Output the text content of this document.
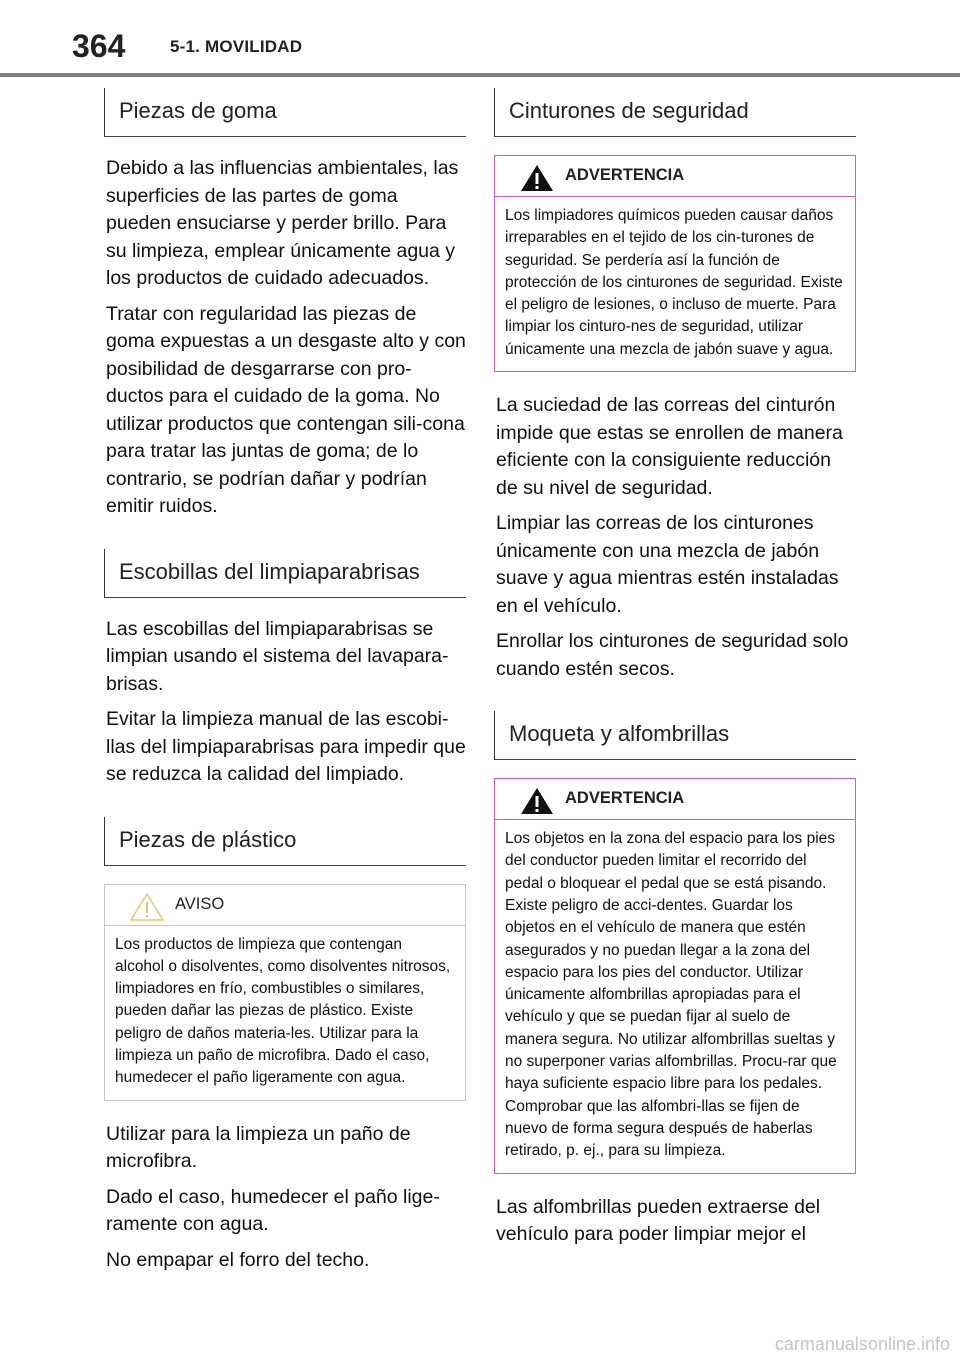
364	5-1. MOVILIDAD
Piezas de goma

Debido a las influencias ambientales, las superficies de las partes de goma pueden ensuciarse y perder brillo. Para su limpieza, emplear únicamente agua y los productos de cuidado adecuados.

Tratar con regularidad las piezas de goma expuestas a un desgaste alto y con posibilidad de desgarrarse con pro-ductos para el cuidado de la goma. No utilizar productos que contengan sili-cona para tratar las juntas de goma; de lo contrario, se podrían dañar y podrían emitir ruidos.

Escobillas del limpiaparabrisas

Las escobillas del limpiaparabrisas se limpian usando el sistema del lavapara-brisas.

Evitar la limpieza manual de las escobi-llas del limpiaparabrisas para impedir que se reduzca la calidad del limpiado.

Piezas de plástico
AVISO
Los productos de limpieza que contengan alcohol o disolventes, como disolventes nitrosos, limpiadores en frío, combustibles o similares, pueden dañar las piezas de plástico. Existe peligro de daños materia-les. Utilizar para la limpieza un paño de microfibra. Dado el caso, humedecer el paño ligeramente con agua.

Utilizar para la limpieza un paño de microfibra.

Dado el caso, humedecer el paño lige-ramente con agua.

No empapar el forro del techo.

Cinturones de seguridad
ADVERTENCIA
Los limpiadores químicos pueden causar daños irreparables en el tejido de los cin-turones de seguridad. Se perdería así la función de protección de los cinturones de seguridad. Existe el peligro de lesiones, o incluso de muerte. Para limpiar los cinturo-nes de seguridad, utilizar únicamente una mezcla de jabón suave y agua.

La suciedad de las correas del cinturón impide que estas se enrollen de manera eficiente con la consiguiente reducción de su nivel de seguridad.

Limpiar las correas de los cinturones únicamente con una mezcla de jabón suave y agua mientras estén instaladas en el vehículo.

Enrollar los cinturones de seguridad solo cuando estén secos.

Moqueta y alfombrillas
ADVERTENCIA
Los objetos en la zona del espacio para los pies del conductor pueden limitar el recorrido del pedal o bloquear el pedal que se está pisando. Existe peligro de acci-dentes. Guardar los objetos en el vehículo de manera que estén asegurados y no puedan llegar a la zona del espacio para los pies del conductor. Utilizar únicamente alfombrillas apropiadas para el vehículo y que se puedan fijar al suelo de manera segura. No utilizar alfombrillas sueltas y no superponer varias alfombrillas. Procu-rar que haya suficiente espacio libre para los pedales. Comprobar que las alfombri-llas se fijen de nuevo de forma segura después de haberlas retirado, p. ej., para su limpieza.

Las alfombrillas pueden extraerse del vehículo para poder limpiar mejor el

carmanualsonline.info
